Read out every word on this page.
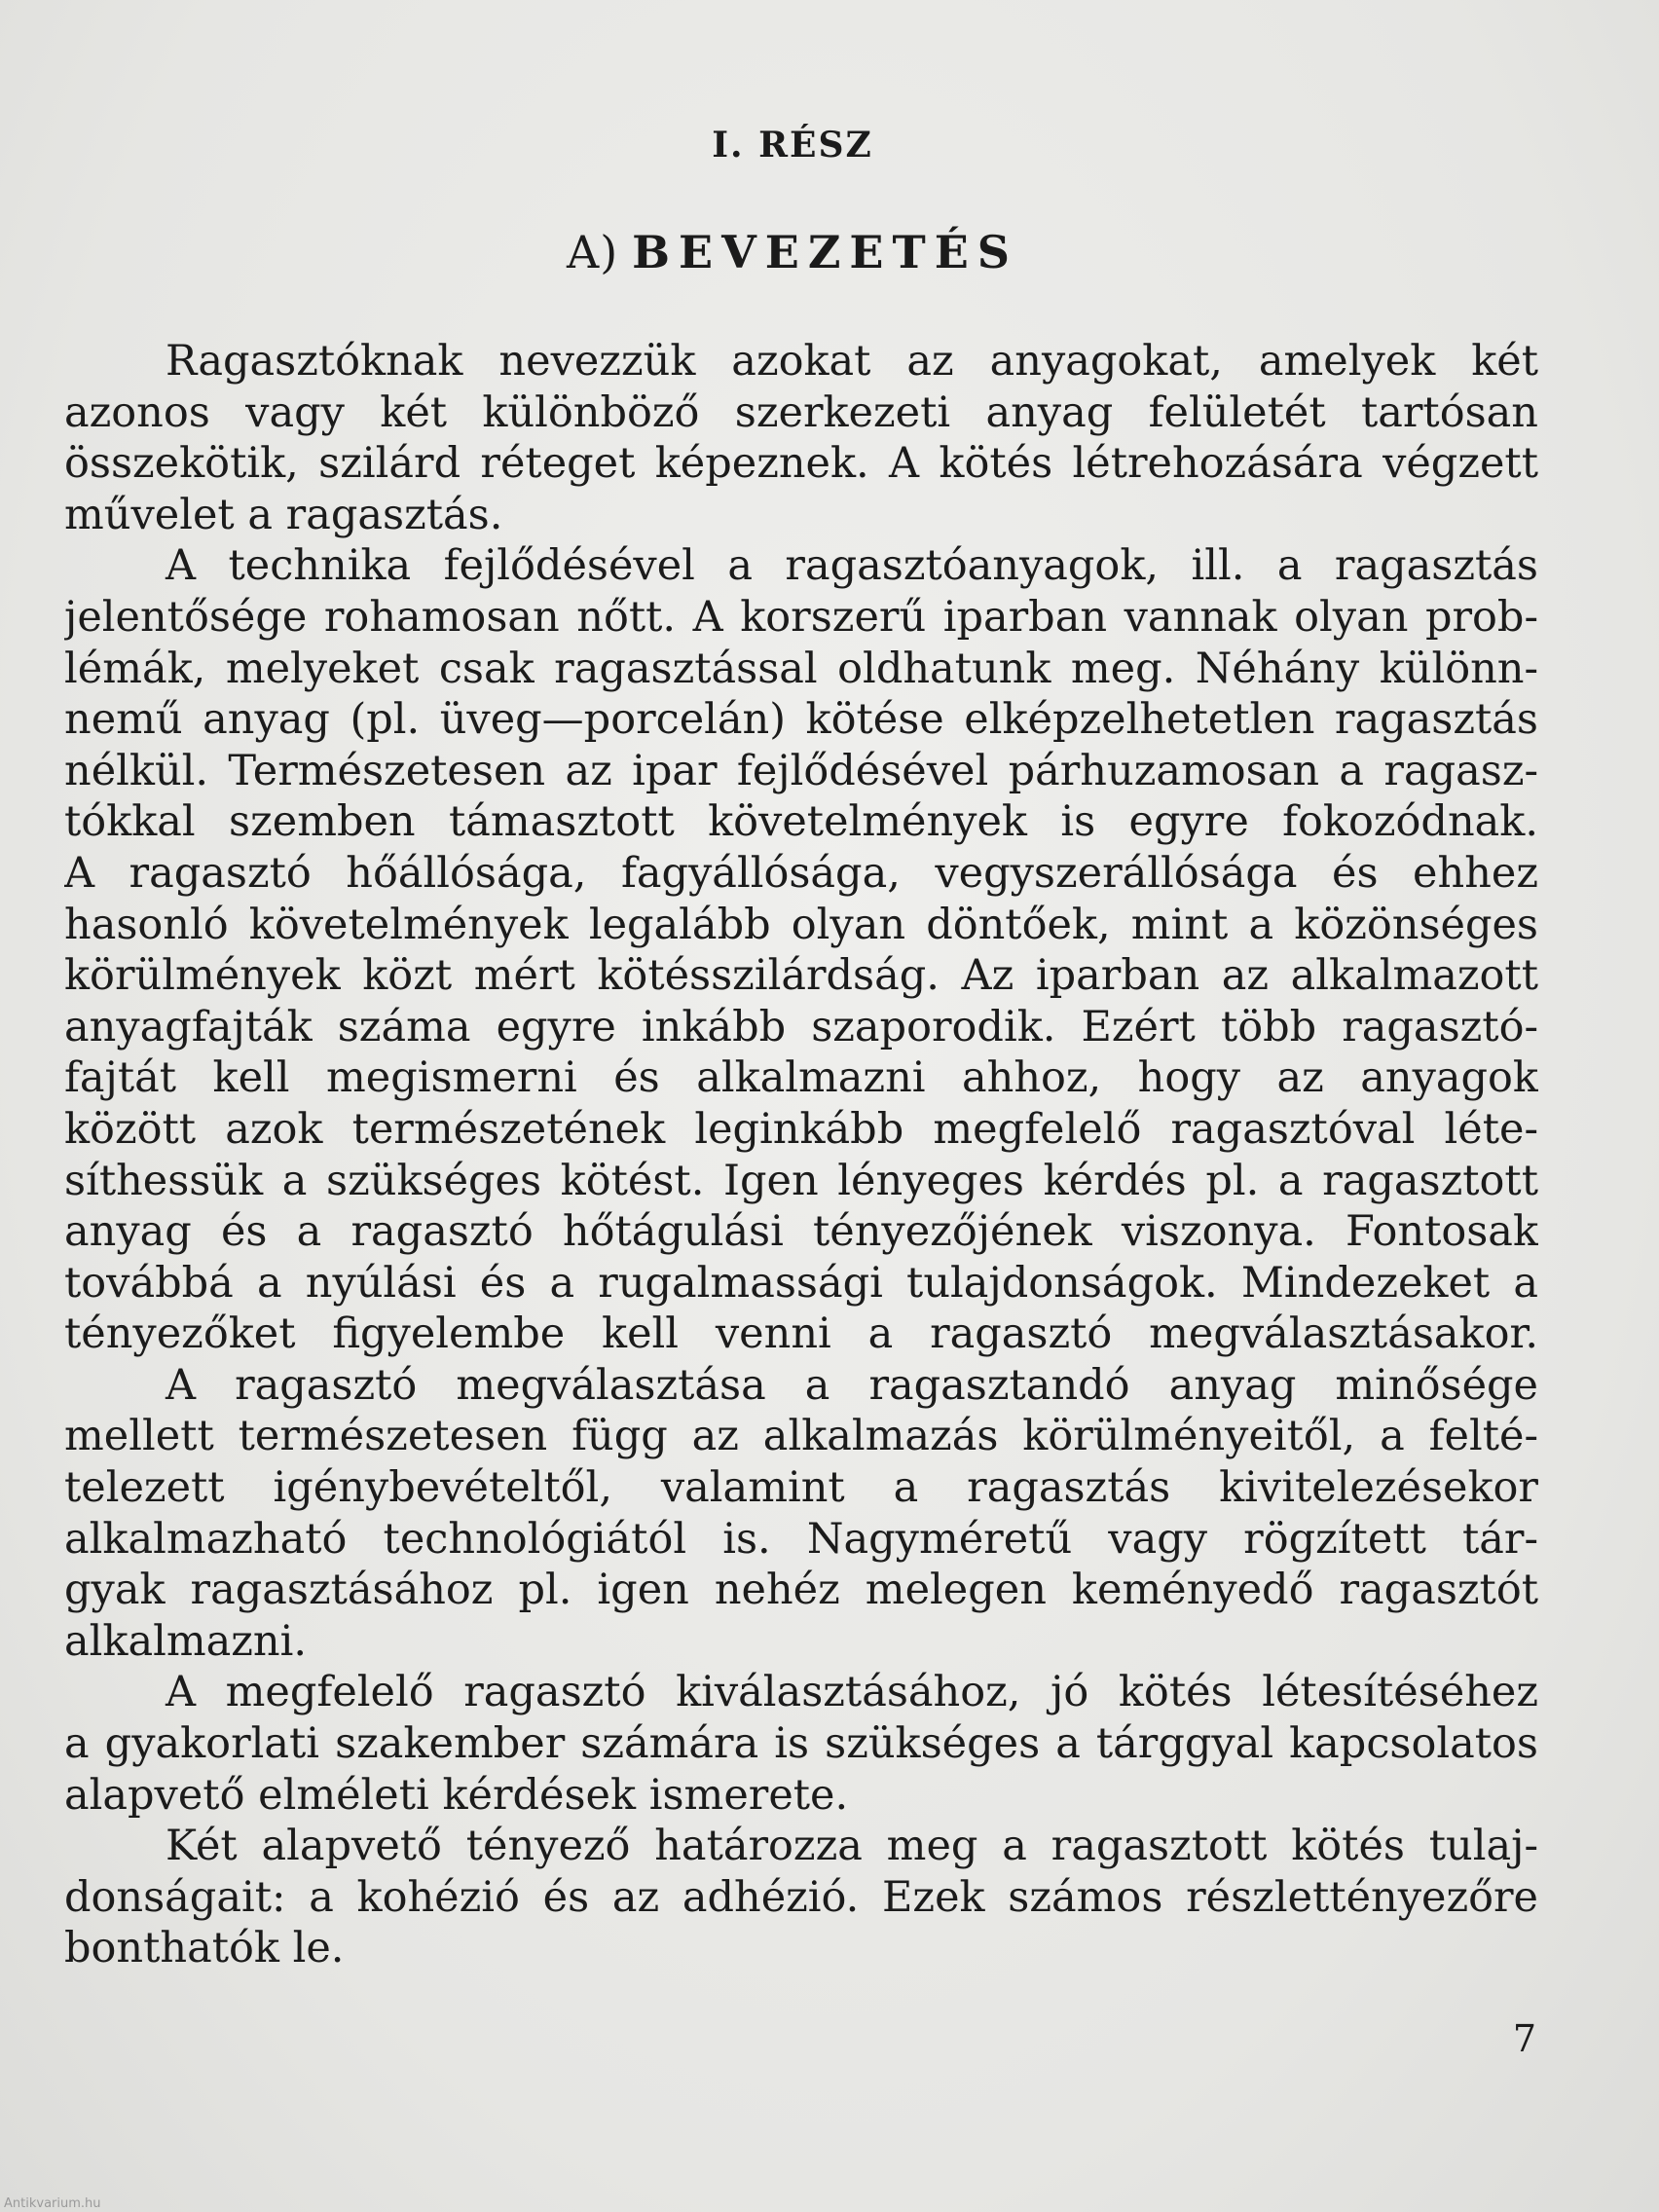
I. RÉSZ
A) BEVEZETÉS
Ragasztóknak nevezzük azokat az anyagokat, amelyek két
azonos vagy két különböző szerkezeti anyag felületét tartósan
összekötik, szilárd réteget képeznek. A kötés létrehozására végzett
művelet a ragasztás.
A technika fejlődésével a ragasztóanyagok, ill. a ragasztás
jelentősége rohamosan nőtt. A korszerű iparban vannak olyan prob-
lémák, melyeket csak ragasztással oldhatunk meg. Néhány különn-
nemű anyag (pl. üveg—porcelán) kötése elképzelhetetlen ragasztás
nélkül. Természetesen az ipar fejlődésével párhuzamosan a ragasz-
tókkal szemben támasztott követelmények is egyre fokozódnak.
A ragasztó hőállósága, fagyállósága, vegyszerállósága és ehhez
hasonló követelmények legalább olyan döntőek, mint a közönséges
körülmények közt mért kötésszilárdság. Az iparban az alkalmazott
anyagfajták száma egyre inkább szaporodik. Ezért több ragasztó-
fajtát kell megismerni és alkalmazni ahhoz, hogy az anyagok
között azok természetének leginkább megfelelő ragasztóval léte-
síthessük a szükséges kötést. Igen lényeges kérdés pl. a ragasztott
anyag és a ragasztó hőtágulási tényezőjének viszonya. Fontosak
továbbá a nyúlási és a rugalmassági tulajdonságok. Mindezeket a
tényezőket figyelembe kell venni a ragasztó megválasztásakor.
A ragasztó megválasztása a ragasztandó anyag minősége
mellett természetesen függ az alkalmazás körülményeitől, a felté-
telezett igénybevételtől, valamint a ragasztás kivitelezésekor
alkalmazható technológiától is. Nagyméretű vagy rögzített tár-
gyak ragasztásához pl. igen nehéz melegen keményedő ragasztót
alkalmazni.
A megfelelő ragasztó kiválasztásához, jó kötés létesítéséhez
a gyakorlati szakember számára is szükséges a tárggyal kapcsolatos
alapvető elméleti kérdések ismerete.
Két alapvető tényező határozza meg a ragasztott kötés tulaj-
donságait: a kohézió és az adhézió. Ezek számos részlettényezőre
bonthatók le.
7
Antikvarium.hu
